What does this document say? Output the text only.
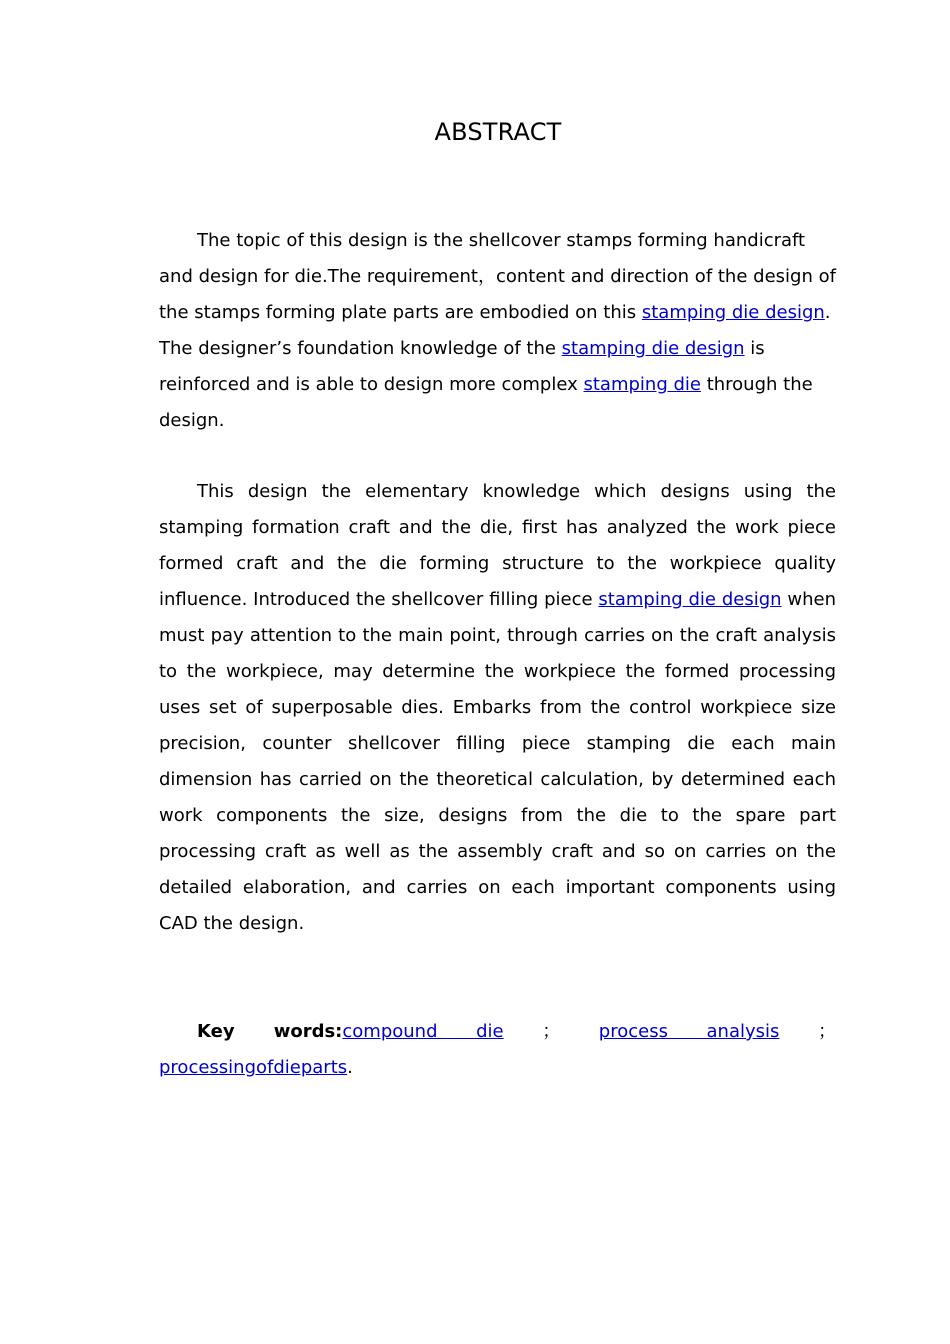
ABSTRACT

The topic of this design is the shellcover stamps forming handicraft and design for die.The requirement，content and direction of the design of the stamps forming plate parts are embodied on this stamping die design. The designer’s foundation knowledge of the stamping die design is reinforced and is able to design more complex stamping die through the design.

This design the elementary knowledge which designs using the stamping formation craft and the die, first has analyzed the work piece formed craft and the die forming structure to the workpiece quality influence. Introduced the shellcover filling piece stamping die design when must pay attention to the main point, through carries on the craft analysis to the workpiece, may determine the workpiece the formed processing uses set of superposable dies. Embarks from the control workpiece size precision, counter shellcover filling piece stamping die each main dimension has carried on the theoretical calculation, by determined each work components the size, designs from the die to the spare part processing craft as well as the assembly craft and so on carries on the detailed elaboration, and carries on each important components using CAD the design.

Key words:compound die ； process analysis ； processingofdieparts.
